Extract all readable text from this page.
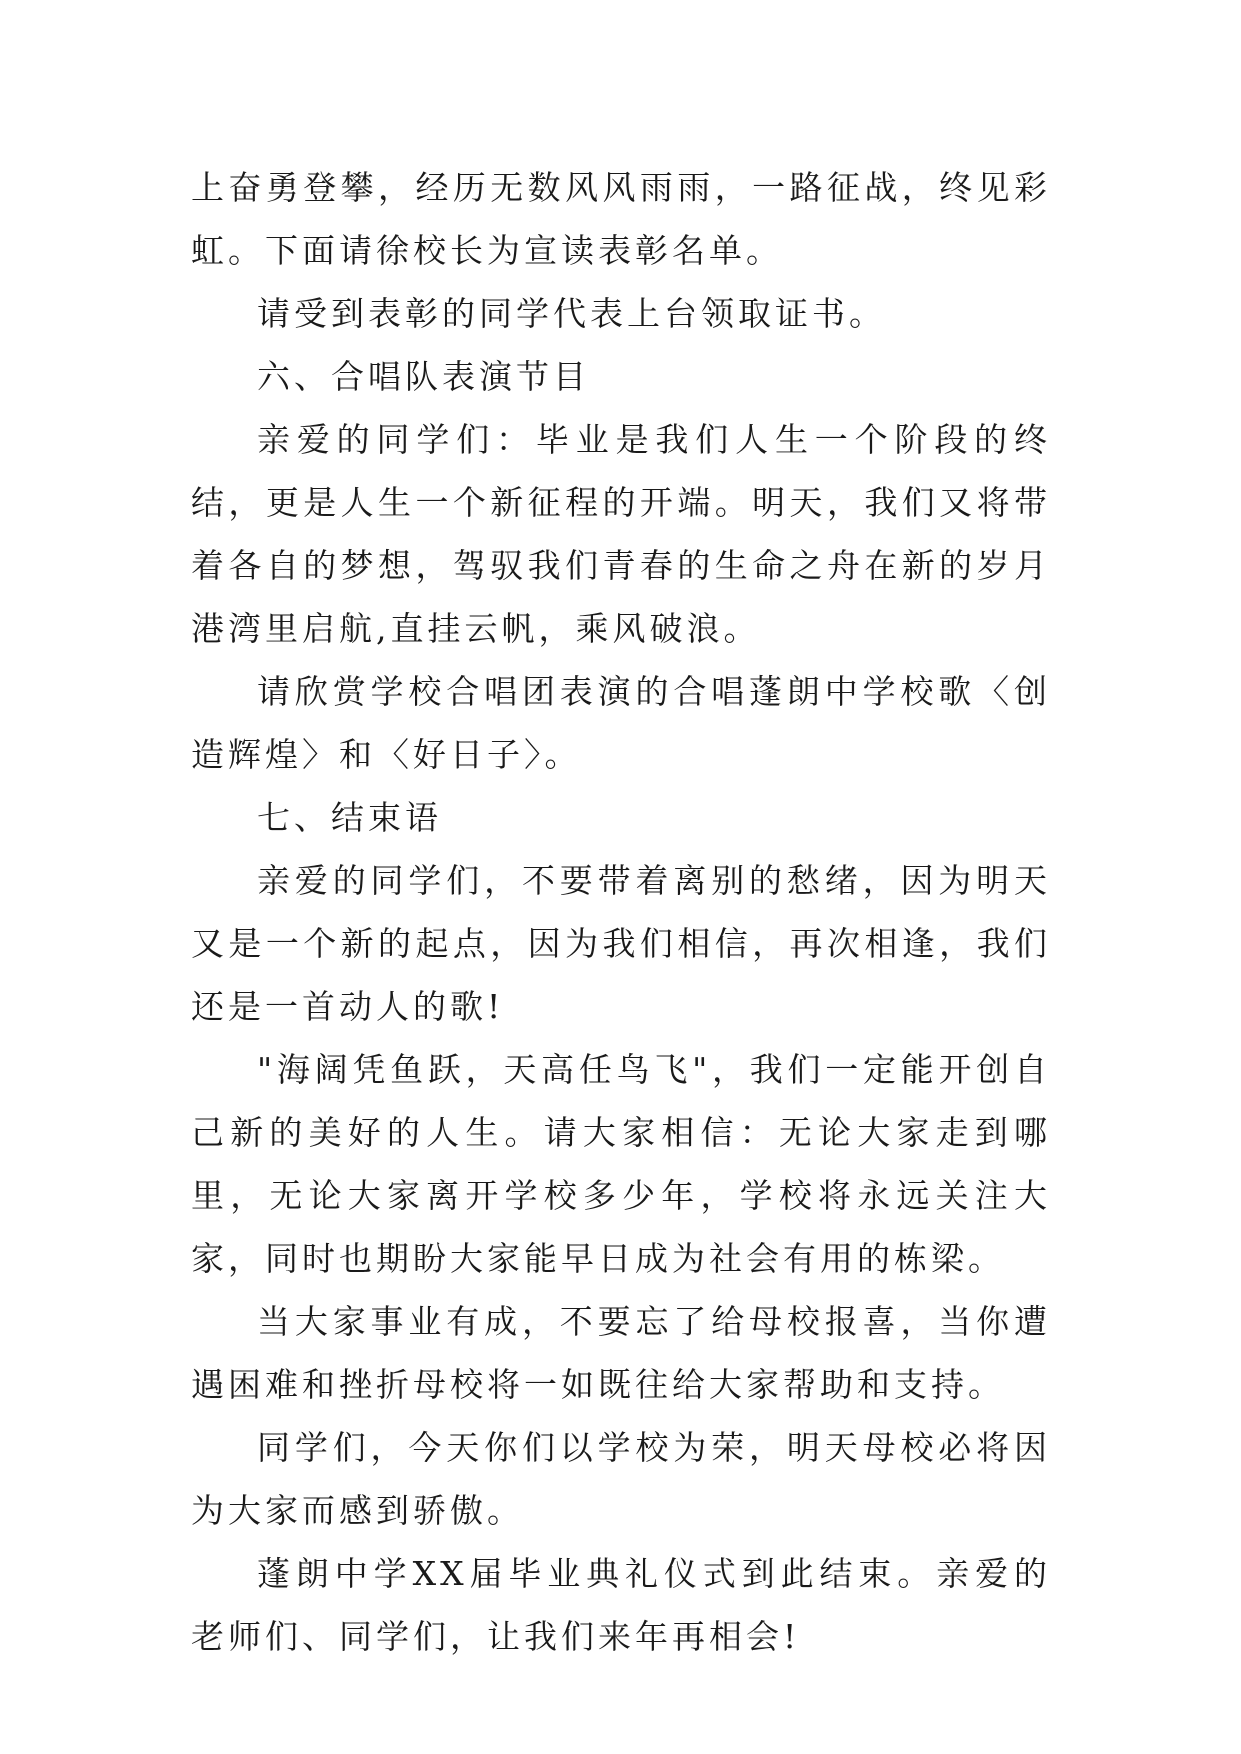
上奋勇登攀，经历无数风风雨雨，一路征战，终见彩虹。下面请徐校长为宣读表彰名单。

请受到表彰的同学代表上台领取证书。

六、合唱队表演节目

亲爱的同学们：毕业是我们人生一个阶段的终结，更是人生一个新征程的开端。明天，我们又将带着各自的梦想，驾驭我们青春的生命之舟在新的岁月港湾里启航,直挂云帆，乘风破浪。

请欣赏学校合唱团表演的合唱蓬朗中学校歌〈创造辉煌〉和〈好日子〉。

七、结束语

亲爱的同学们，不要带着离别的愁绪，因为明天又是一个新的起点，因为我们相信，再次相逢，我们还是一首动人的歌!

"海阔凭鱼跃，天高任鸟飞"，我们一定能开创自己新的美好的人生。请大家相信：无论大家走到哪里，无论大家离开学校多少年，学校将永远关注大家，同时也期盼大家能早日成为社会有用的栋梁。

当大家事业有成，不要忘了给母校报喜，当你遭遇困难和挫折母校将一如既往给大家帮助和支持。

同学们，今天你们以学校为荣，明天母校必将因为大家而感到骄傲。

蓬朗中学XX届毕业典礼仪式到此结束。亲爱的老师们、同学们，让我们来年再相会!
